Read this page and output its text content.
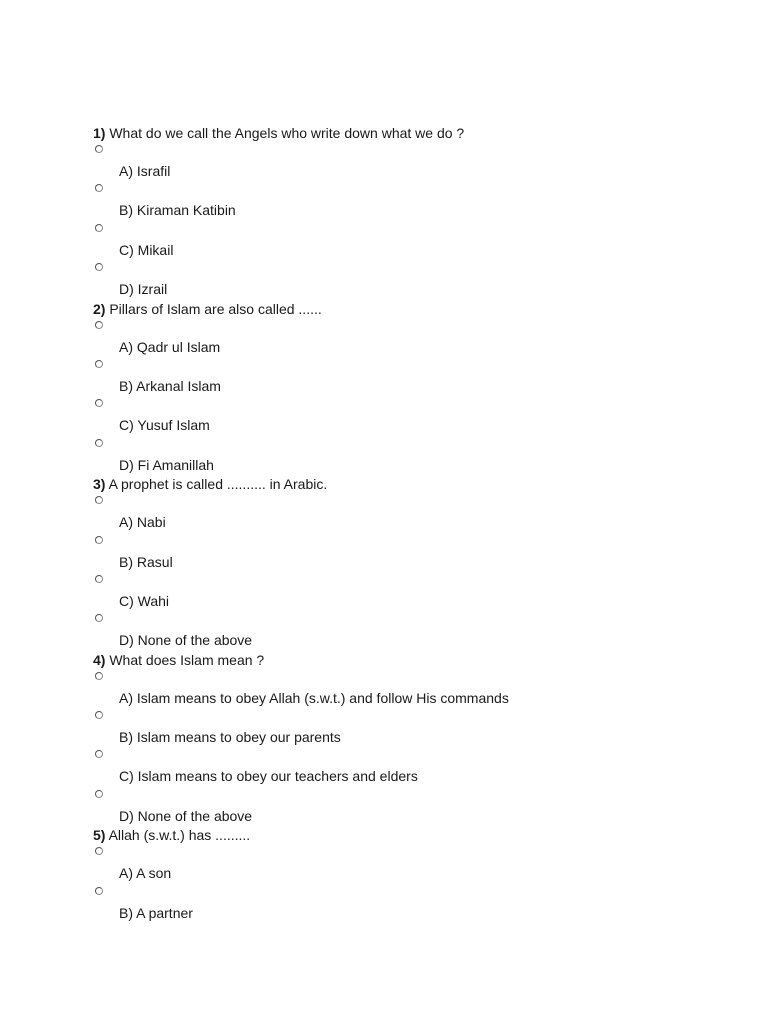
1) What do we call the Angels who write down what we do ?
A) Israfil
B) Kiraman Katibin
C) Mikail
D) Izrail
2) Pillars of Islam are also called ......
A) Qadr ul Islam
B) Arkanal Islam
C) Yusuf Islam
D) Fi Amanillah
3) A prophet is called .......... in Arabic.
A) Nabi
B) Rasul
C) Wahi
D) None of the above
4) What does Islam mean ?
A) Islam means to obey Allah (s.w.t.) and follow His commands
B) Islam means to obey our parents
C) Islam means to obey our teachers and elders
D) None of the above
5) Allah (s.w.t.) has .........
A) A son
B) A partner
